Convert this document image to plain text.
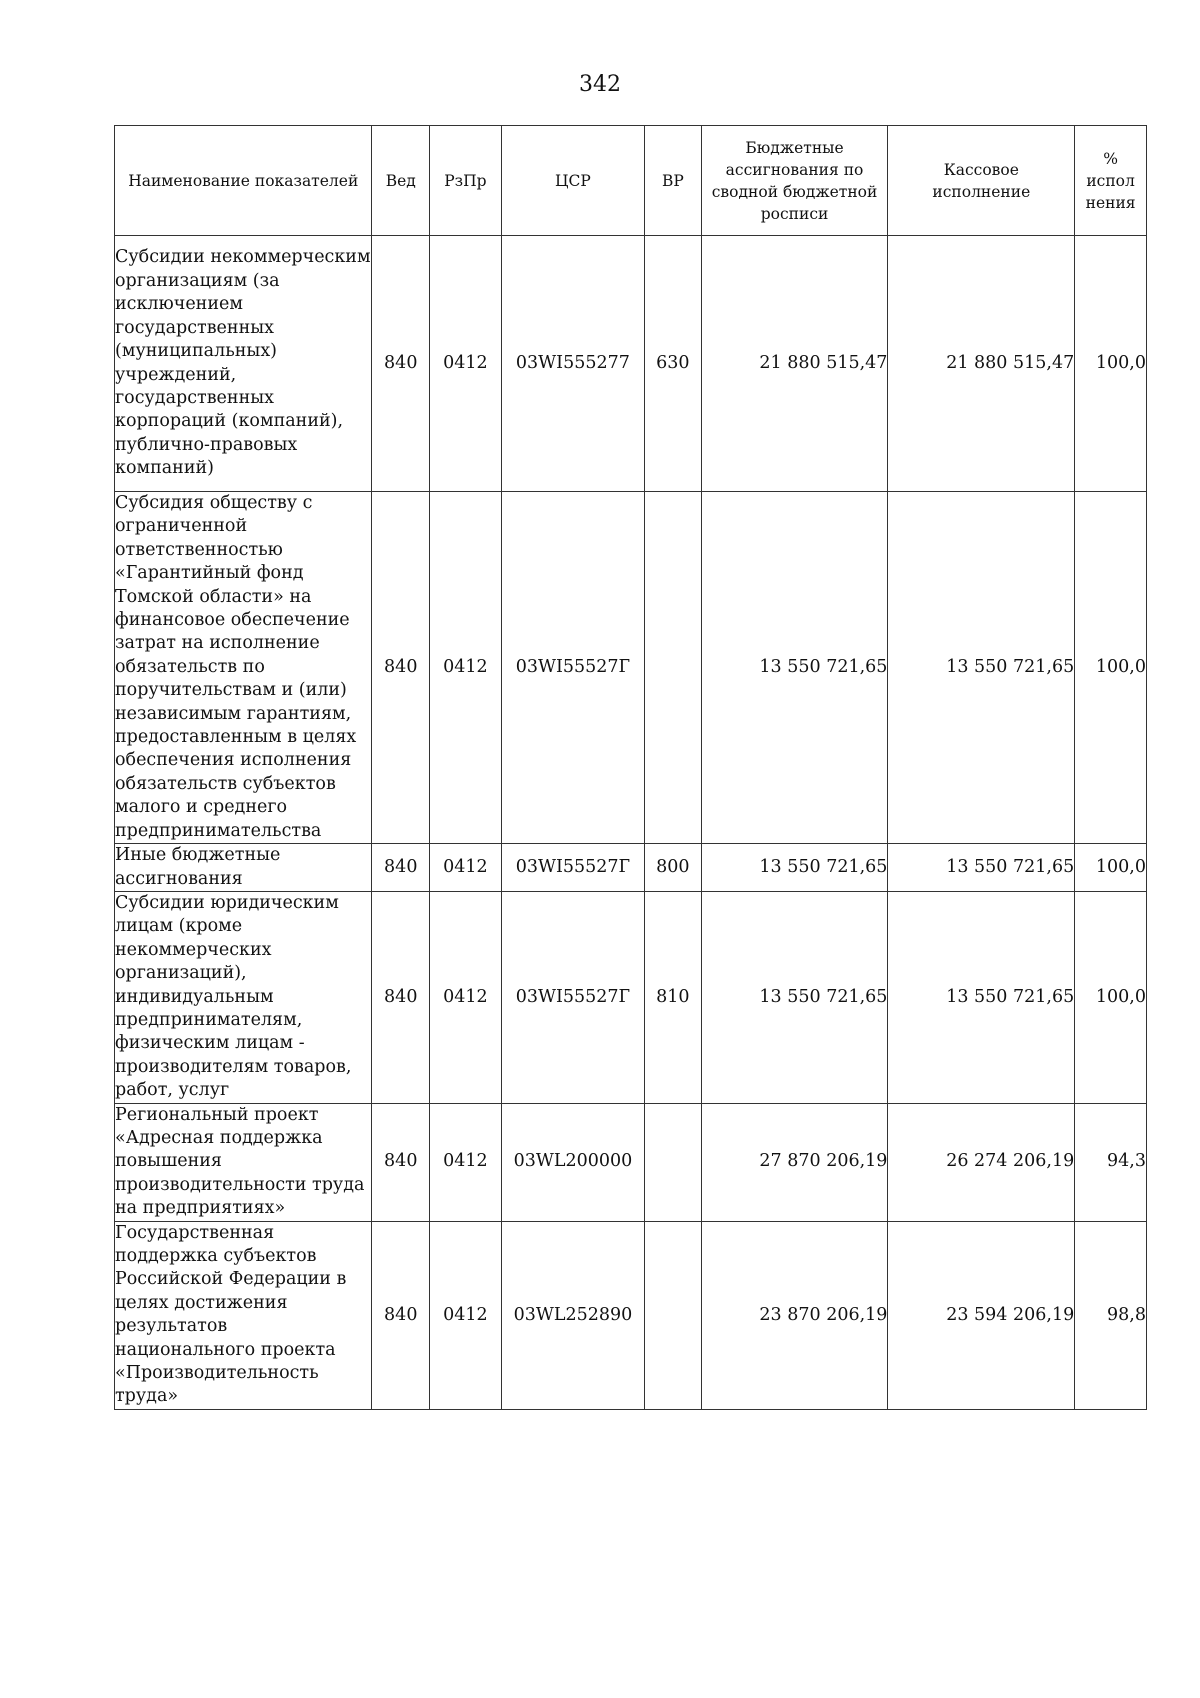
342
Наименование показателей	Вед	РзПр	ЦСР	ВР	Бюджетные ассигнования по сводной бюджетной росписи	Кассовое исполнение	% испол нения
Субсидии некоммерческим организациям (за исключением государственных (муниципальных) учреждений, государственных корпораций (компаний), публично-правовых компаний)	840	0412	03WI555277	630	21 880 515,47	21 880 515,47	100,0
Субсидия обществу с ограниченной ответственностью «Гарантийный фонд Томской области» на финансовое обеспечение затрат на исполнение обязательств по поручительствам и (или) независимым гарантиям, предоставленным в целях обеспечения исполнения обязательств субъектов малого и среднего предпринимательства	840	0412	03WI55527Г		13 550 721,65	13 550 721,65	100,0
Иные бюджетные ассигнования	840	0412	03WI55527Г	800	13 550 721,65	13 550 721,65	100,0
Субсидии юридическим лицам (кроме некоммерческих организаций), индивидуальным предпринимателям, физическим лицам - производителям товаров, работ, услуг	840	0412	03WI55527Г	810	13 550 721,65	13 550 721,65	100,0
Региональный проект «Адресная поддержка повышения производительности труда на предприятиях»	840	0412	03WL200000		27 870 206,19	26 274 206,19	94,3
Государственная поддержка субъектов Российской Федерации в целях достижения результатов национального проекта «Производительность труда»	840	0412	03WL252890		23 870 206,19	23 594 206,19	98,8
